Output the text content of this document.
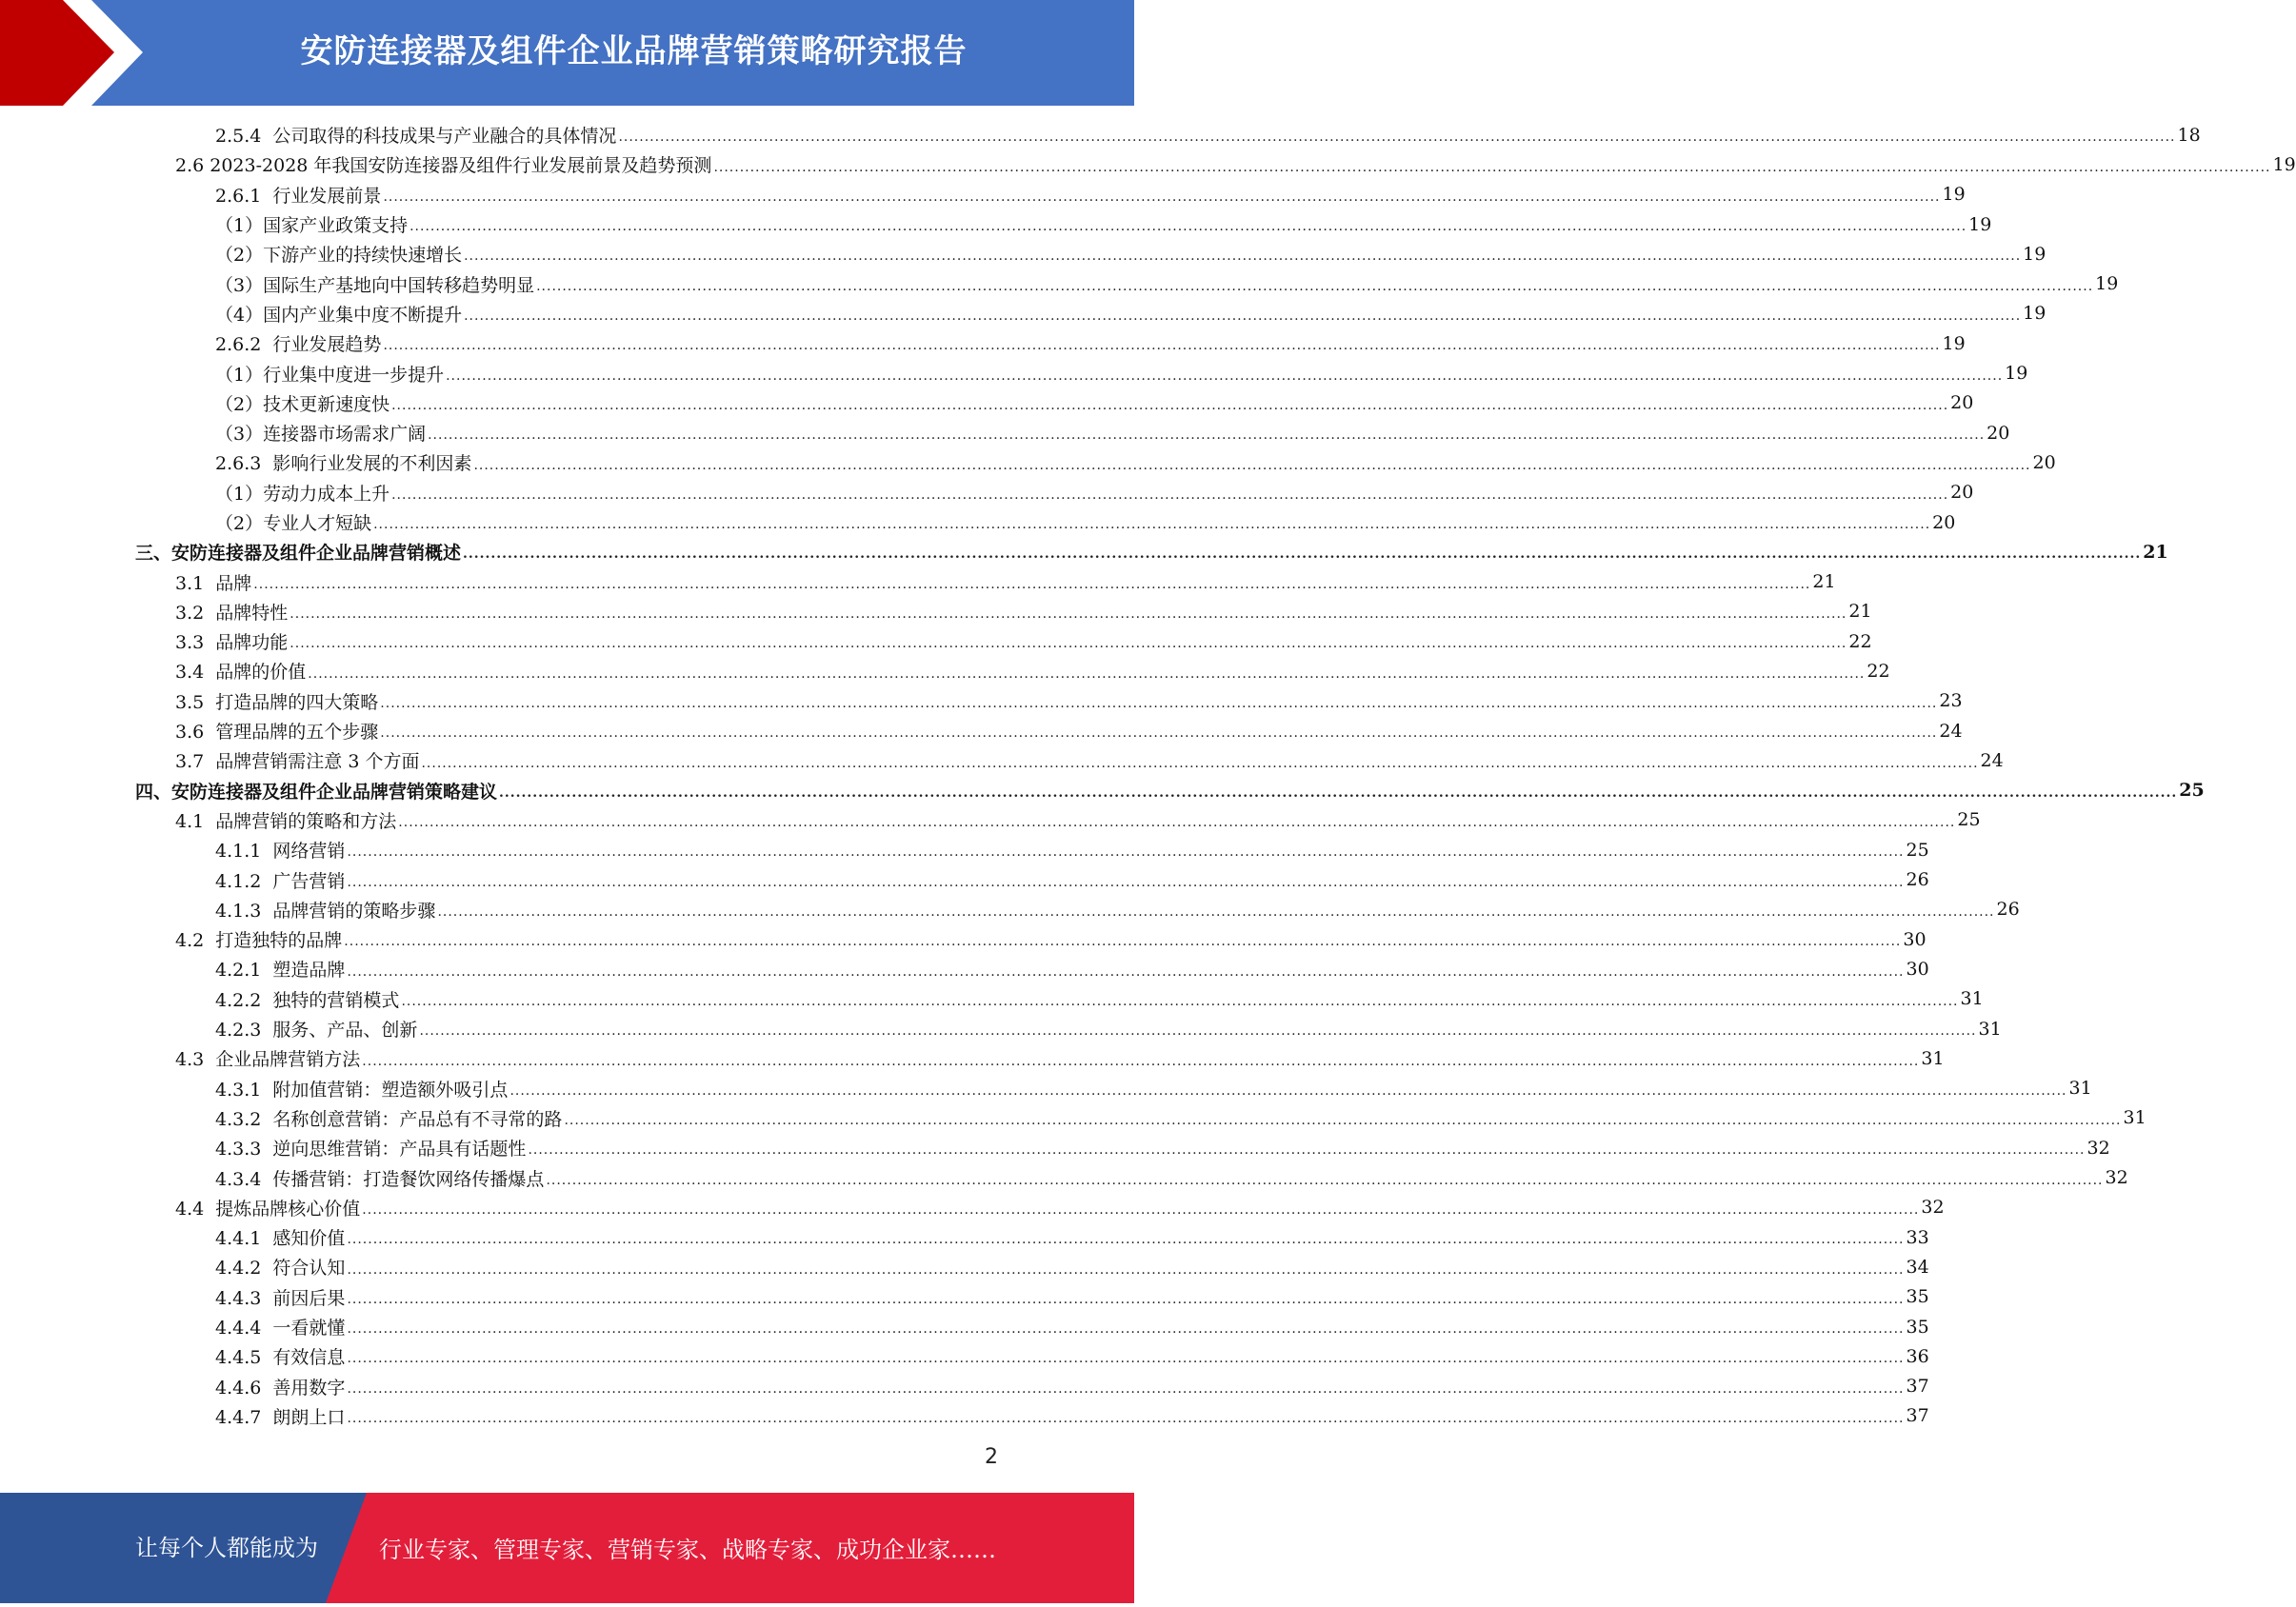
安防连接器及组件企业品牌营销策略研究报告
2.5.4  公司取得的科技成果与产业融合的具体情况 ............................................................................................................................................................................................................................................................................................................ 18
2.6 2023-2028 年我国安防连接器及组件行业发展前景及趋势预测 ............................................................................................................................................................................................................................................................................................................ 19
2.6.1  行业发展前景 ............................................................................................................................................................................................................................................................................................................ 19
（1）国家产业政策支持 ............................................................................................................................................................................................................................................................................................................ 19
（2）下游产业的持续快速增长 ............................................................................................................................................................................................................................................................................................................ 19
（3）国际生产基地向中国转移趋势明显 ............................................................................................................................................................................................................................................................................................................ 19
（4）国内产业集中度不断提升 ............................................................................................................................................................................................................................................................................................................ 19
2.6.2  行业发展趋势 ............................................................................................................................................................................................................................................................................................................ 19
（1）行业集中度进一步提升 ............................................................................................................................................................................................................................................................................................................ 19
（2）技术更新速度快 ............................................................................................................................................................................................................................................................................................................ 20
（3）连接器市场需求广阔 ............................................................................................................................................................................................................................................................................................................ 20
2.6.3  影响行业发展的不利因素 ............................................................................................................................................................................................................................................................................................................ 20
（1）劳动力成本上升 ............................................................................................................................................................................................................................................................................................................ 20
（2）专业人才短缺 ............................................................................................................................................................................................................................................................................................................ 20
三、安防连接器及组件企业品牌营销概述 ............................................................................................................................................................................................................................................................................................................ 21
3.1  品牌 ............................................................................................................................................................................................................................................................................................................ 21
3.2  品牌特性 ............................................................................................................................................................................................................................................................................................................ 21
3.3  品牌功能 ............................................................................................................................................................................................................................................................................................................ 22
3.4  品牌的价值 ............................................................................................................................................................................................................................................................................................................ 22
3.5  打造品牌的四大策略 ............................................................................................................................................................................................................................................................................................................ 23
3.6  管理品牌的五个步骤 ............................................................................................................................................................................................................................................................................................................ 24
3.7  品牌营销需注意 3 个方面 ............................................................................................................................................................................................................................................................................................................ 24
四、安防连接器及组件企业品牌营销策略建议 ............................................................................................................................................................................................................................................................................................................ 25
4.1  品牌营销的策略和方法 ............................................................................................................................................................................................................................................................................................................ 25
4.1.1  网络营销 ............................................................................................................................................................................................................................................................................................................ 25
4.1.2  广告营销 ............................................................................................................................................................................................................................................................................................................ 26
4.1.3  品牌营销的策略步骤 ............................................................................................................................................................................................................................................................................................................ 26
4.2  打造独特的品牌 ............................................................................................................................................................................................................................................................................................................ 30
4.2.1  塑造品牌 ............................................................................................................................................................................................................................................................................................................ 30
4.2.2  独特的营销模式 ............................................................................................................................................................................................................................................................................................................ 31
4.2.3  服务、产品、创新 ............................................................................................................................................................................................................................................................................................................ 31
4.3  企业品牌营销方法 ............................................................................................................................................................................................................................................................................................................ 31
4.3.1  附加值营销：塑造额外吸引点 ............................................................................................................................................................................................................................................................................................................ 31
4.3.2  名称创意营销：产品总有不寻常的路 ............................................................................................................................................................................................................................................................................................................ 31
4.3.3  逆向思维营销：产品具有话题性 ............................................................................................................................................................................................................................................................................................................ 32
4.3.4  传播营销：打造餐饮网络传播爆点 ............................................................................................................................................................................................................................................................................................................ 32
4.4  提炼品牌核心价值 ............................................................................................................................................................................................................................................................................................................ 32
4.4.1  感知价值 ............................................................................................................................................................................................................................................................................................................ 33
4.4.2  符合认知 ............................................................................................................................................................................................................................................................................................................ 34
4.4.3  前因后果 ............................................................................................................................................................................................................................................................................................................ 35
4.4.4  一看就懂 ............................................................................................................................................................................................................................................................................................................ 35
4.4.5  有效信息 ............................................................................................................................................................................................................................................................................................................ 36
4.4.6  善用数字 ............................................................................................................................................................................................................................................................................................................ 37
4.4.7  朗朗上口 ............................................................................................................................................................................................................................................................................................................ 37
2
让每个人都能成为	行业专家、管理专家、营销专家、战略专家、成功企业家……
